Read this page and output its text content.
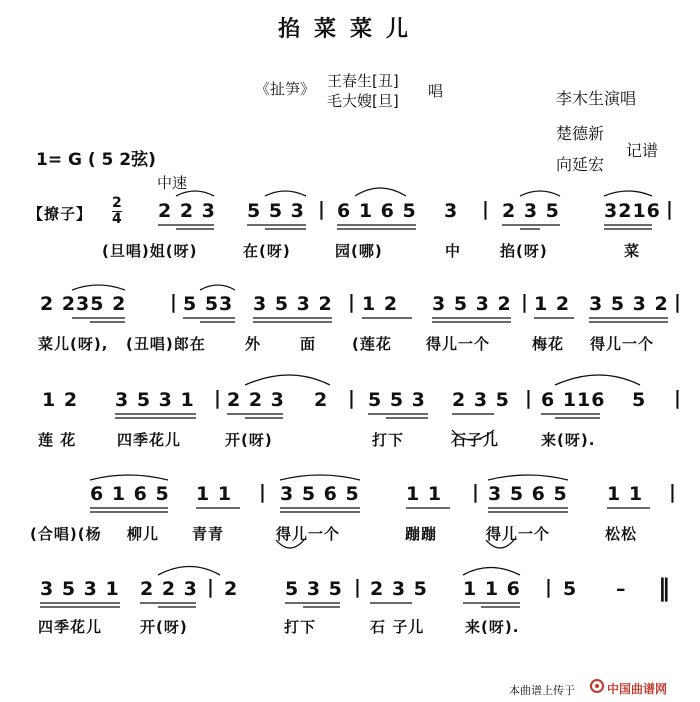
掐菜菜儿
《扯笋》 王春生[丑]
毛大嫂[旦]
唱	李木生演唱
楚德新
向延宏
记谱
1= G ( 5 2弦)
中速
【撩子】
2
4 2 2 3 5 5 3 | 6 1 6 5 3 | 2 3 5 3216 |
(旦唱)姐(呀)	在(呀)	园(哪)	中	掐(呀)	菜
2 235 2 | 5 53 3 5 3 2 | 1 2 3 5 3 2 | 1 2 3 5 3 2 |
菜儿(呀), (丑唱)郎在	外	面 (莲花 得儿一个	梅花 得儿一个
1 2 3 5 3 1 | 2 2 3 2 | 5 5 3 2 3 5 | 6 116 5 |
莲 花	四季花儿	开(呀)	打下	石子儿	来(呀).
6 1 6 5 1 1 | 3 5 6 5 1 1 | 3 5 6 5 1 1 |
(合唱)(杨 柳儿 青青	得儿一个	蹦蹦	得儿一个	松松
3 5 3 1 2 2 3 | 2 5 3 5 | 2 3 5 1 1 6 | 5 – ‖
四季花儿	开(呀)	打下	石 子儿	来(呀).
本曲谱上传于	中国曲谱网
